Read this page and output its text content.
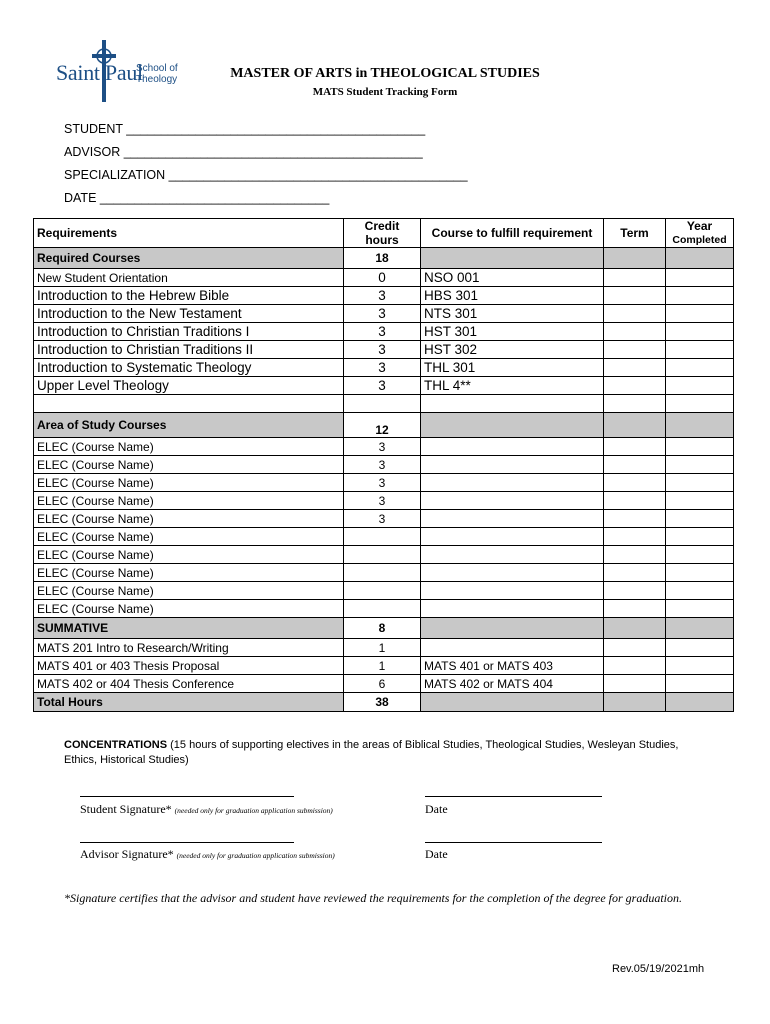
Saint Paul
School of
Theology	MASTER OF ARTS in THEOLOGICAL STUDIES
MATS Student Tracking Form
STUDENT ___________________________________________
ADVISOR ___________________________________________
SPECIALIZATION ___________________________________________
DATE _________________________________
Requirements	Credit hours	Course to fulfill requirement	Term	Year
Completed

Required Courses	18			
New Student Orientation	0	NSO 001		
Introduction to the Hebrew Bible	3	HBS 301		
Introduction to the New Testament	3	NTS 301		
Introduction to Christian Traditions I	3	HST 301		
Introduction to Christian Traditions II	3	HST 302		
Introduction to Systematic Theology	3	THL 301		
Upper Level Theology	3	THL 4**		

Area of Study Courses	12			
ELEC (Course Name)	3			
ELEC (Course Name)	3			
ELEC (Course Name)	3			
ELEC (Course Name)	3			
ELEC (Course Name)	3			
ELEC (Course Name)				
ELEC (Course Name)				
ELEC (Course Name)				
ELEC (Course Name)				
ELEC (Course Name)				
SUMMATIVE	8			
MATS 201 Intro to Research/Writing	1			
MATS 401 or 403 Thesis Proposal	1	MATS 401 or MATS 403		
MATS 402 or 404 Thesis Conference	6	MATS 402 or MATS 404		
Total Hours	38			
CONCENTRATIONS (15 hours of supporting electives in the areas of Biblical Studies, Theological Studies, Wesleyan Studies, Ethics, Historical Studies)
Student Signature* (needed only for graduation application submission)	Date
Advisor Signature* (needed only for graduation application submission)	Date
*Signature certifies that the advisor and student have reviewed the requirements for the completion of the degree for graduation.
Rev.05/19/2021mh
